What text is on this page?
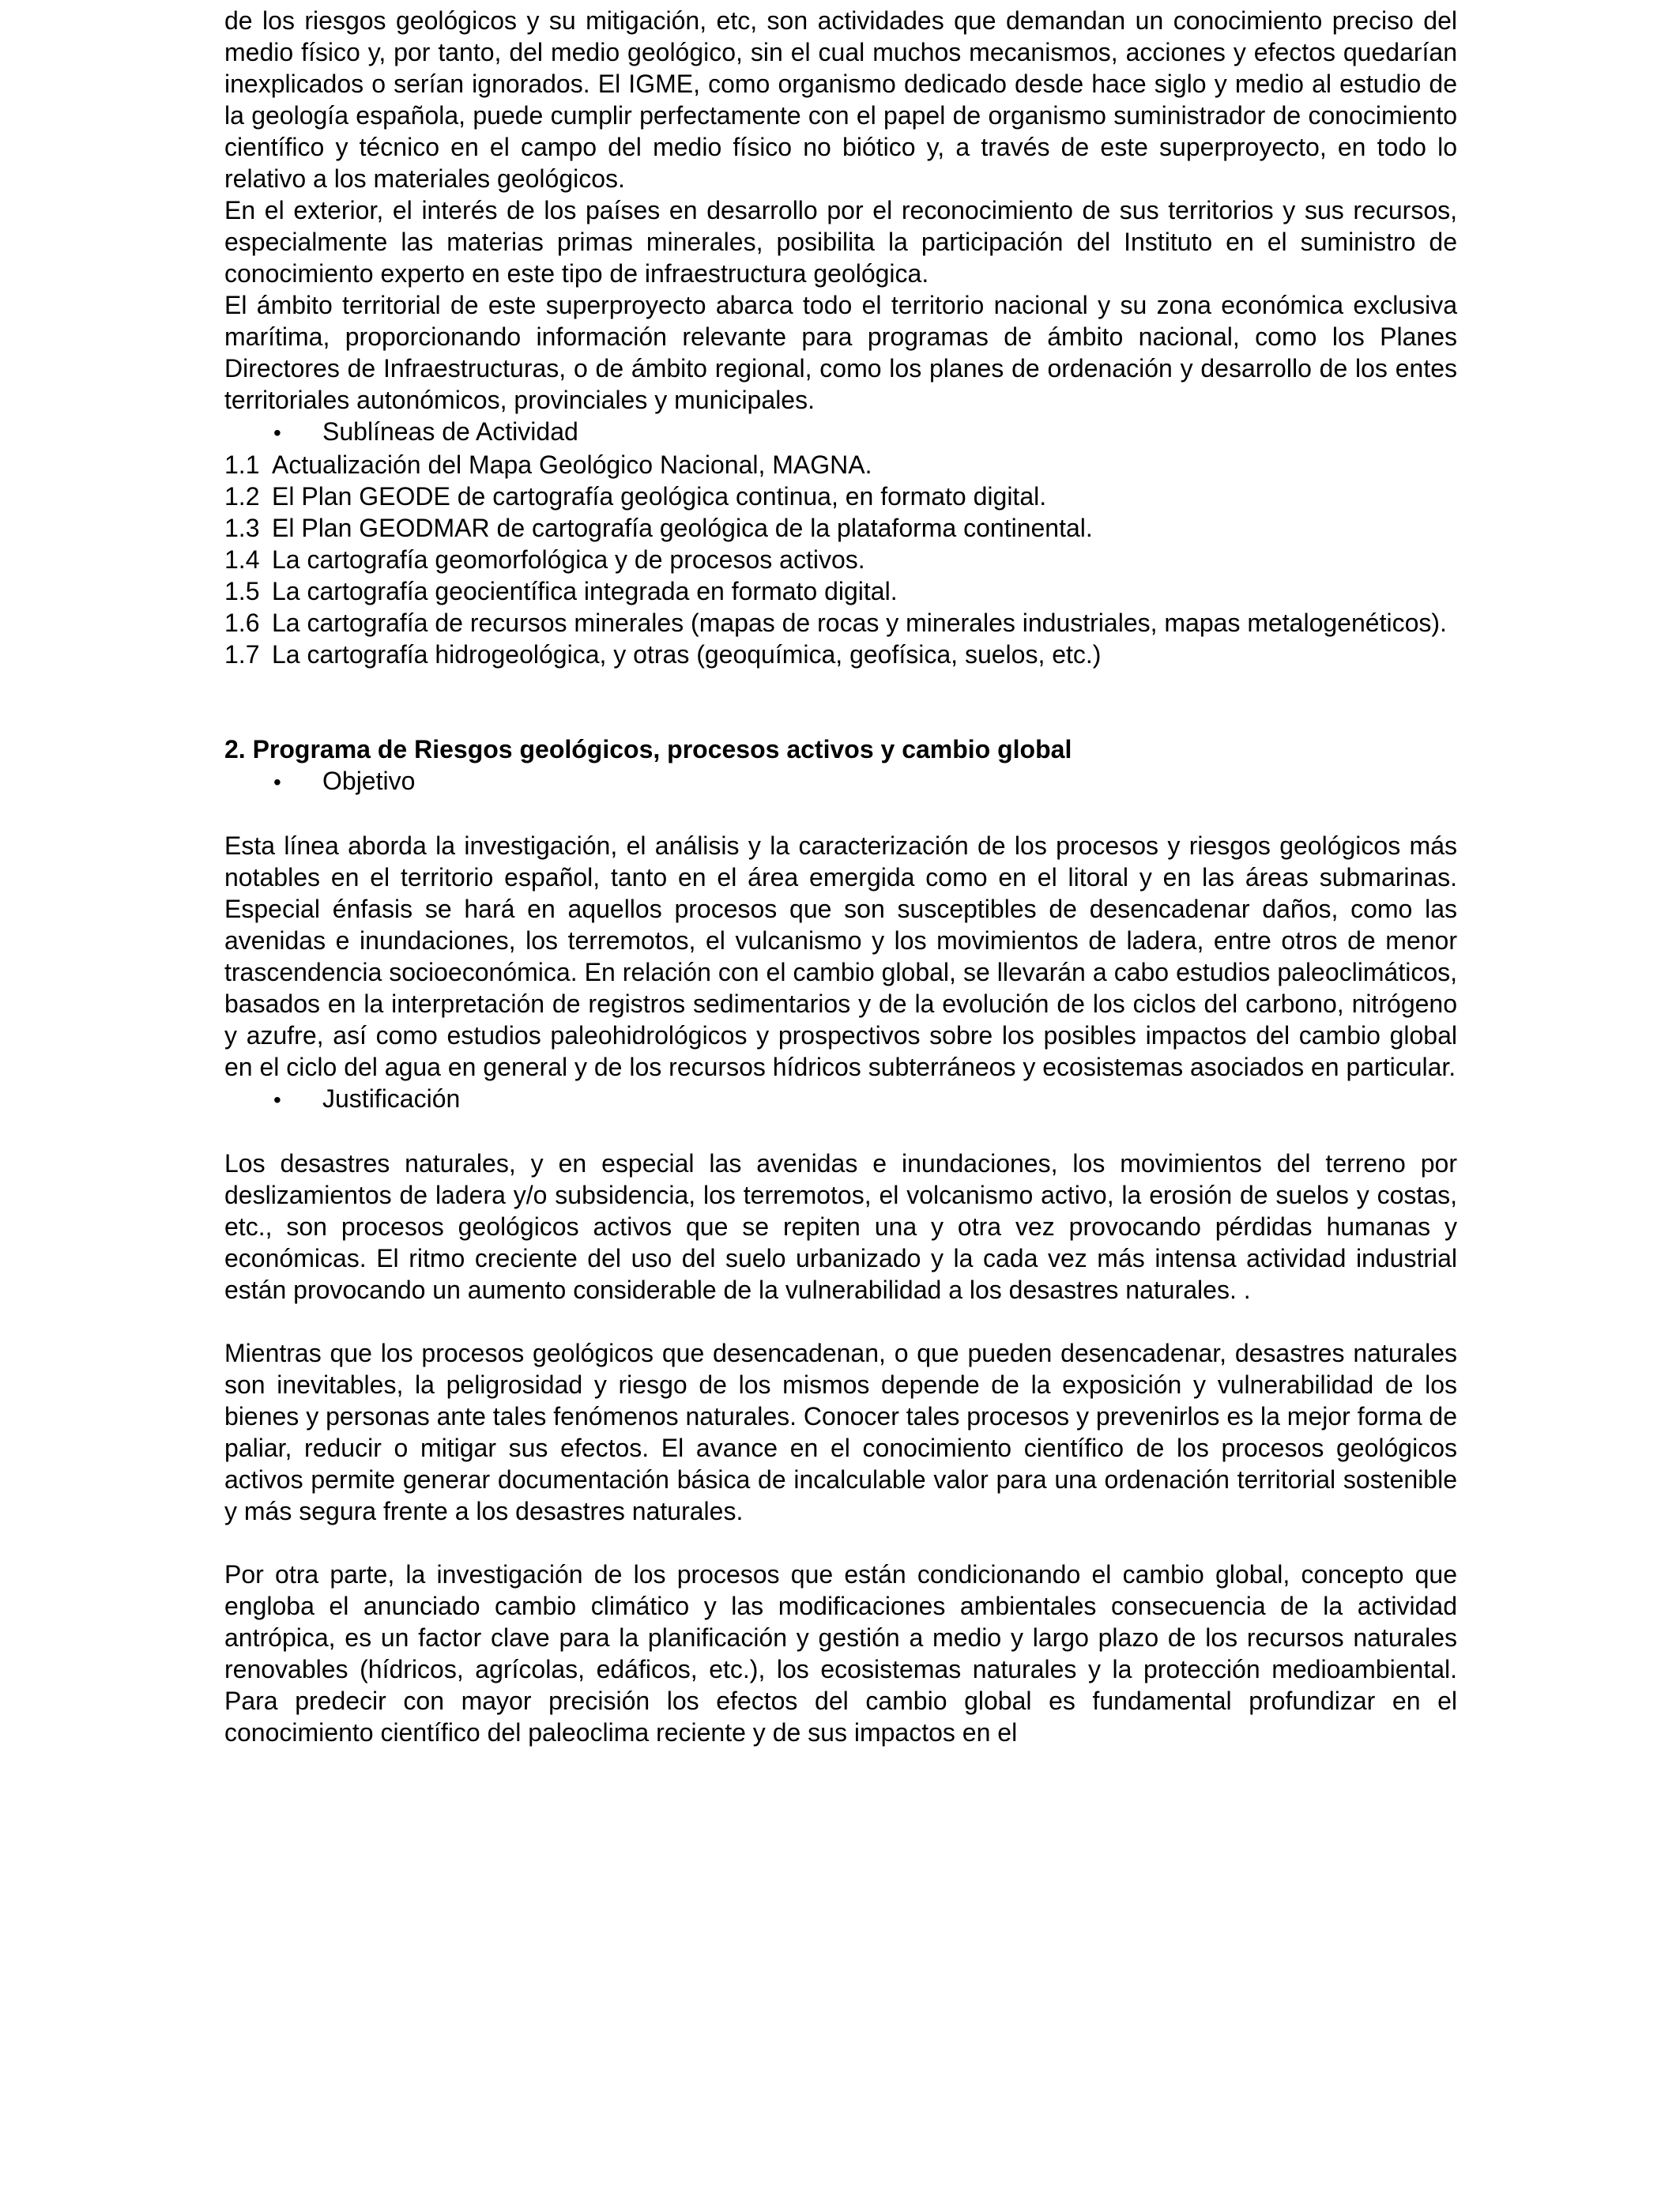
de los riesgos geológicos y su mitigación, etc, son actividades que demandan un conocimiento preciso del medio físico y, por tanto, del medio geológico, sin el cual muchos mecanismos, acciones y efectos quedarían inexplicados o serían ignorados. El IGME, como organismo dedicado desde hace siglo y medio al estudio de la geología española, puede cumplir perfectamente con el papel de organismo suministrador de conocimiento científico y técnico en el campo del medio físico no biótico y, a través de este superproyecto, en todo lo relativo a los materiales geológicos.

En el exterior, el interés de los países en desarrollo por el reconocimiento de sus territorios y sus recursos, especialmente las materias primas minerales, posibilita la participación del Instituto en el suministro de conocimiento experto en este tipo de infraestructura geológica.

El ámbito territorial de este superproyecto abarca todo el territorio nacional y su zona económica exclusiva marítima, proporcionando información relevante para programas de ámbito nacional, como los Planes Directores de Infraestructuras, o de ámbito regional, como los planes de ordenación y desarrollo de los entes territoriales autonómicos, provinciales y municipales.

•	Sublíneas de Actividad
1.1 Actualización del Mapa Geológico Nacional, MAGNA.
1.2 El Plan GEODE de cartografía geológica continua, en formato digital.
1.3 El Plan GEODMAR de cartografía geológica de la plataforma continental.
1.4 La cartografía geomorfológica y de procesos activos.
1.5 La cartografía geocientífica integrada en formato digital.
1.6 La cartografía de recursos minerales (mapas de rocas y minerales industriales, mapas metalogenéticos).
1.7 La cartografía hidrogeológica, y otras (geoquímica, geofísica, suelos, etc.)

2. Programa de Riesgos geológicos, procesos activos y cambio global

•	Objetivo

Esta línea aborda la investigación, el análisis y la caracterización de los procesos y riesgos geológicos más notables en el territorio español, tanto en el área emergida como en el litoral y en las áreas submarinas. Especial énfasis se hará en aquellos procesos que son susceptibles de desencadenar daños, como las avenidas e inundaciones, los terremotos, el vulcanismo y los movimientos de ladera, entre otros de menor trascendencia socioeconómica. En relación con el cambio global, se llevarán a cabo estudios paleoclimáticos, basados en la interpretación de registros sedimentarios y de la evolución de los ciclos del carbono, nitrógeno y azufre, así como estudios paleohidrológicos y prospectivos sobre los posibles impactos del cambio global en el ciclo del agua en general y de los recursos hídricos subterráneos y ecosistemas asociados en particular.

•	Justificación

Los desastres naturales, y en especial las avenidas e inundaciones, los movimientos del terreno por deslizamientos de ladera y/o subsidencia, los terremotos, el volcanismo activo, la erosión de suelos y costas, etc., son procesos geológicos activos que se repiten una y otra vez provocando pérdidas humanas y económicas. El ritmo creciente del uso del suelo urbanizado y la cada vez más intensa actividad industrial están provocando un aumento considerable de la vulnerabilidad a los desastres naturales. .

Mientras que los procesos geológicos que desencadenan, o que pueden desencadenar, desastres naturales son inevitables, la peligrosidad y riesgo de los mismos depende de la exposición y vulnerabilidad de los bienes y personas ante tales fenómenos naturales. Conocer tales procesos y prevenirlos es la mejor forma de paliar, reducir o mitigar sus efectos. El avance en el conocimiento científico de los procesos geológicos activos permite generar documentación básica de incalculable valor para una ordenación territorial sostenible y más segura frente a los desastres naturales.

Por otra parte, la investigación de los procesos que están condicionando el cambio global, concepto que engloba el anunciado cambio climático y las modificaciones ambientales consecuencia de la actividad antrópica, es un factor clave para la planificación y gestión a medio y largo plazo de los recursos naturales renovables (hídricos, agrícolas, edáficos, etc.), los ecosistemas naturales y la protección medioambiental. Para predecir con mayor precisión los efectos del cambio global es fundamental profundizar en el conocimiento científico del paleoclima reciente y de sus impactos en el
